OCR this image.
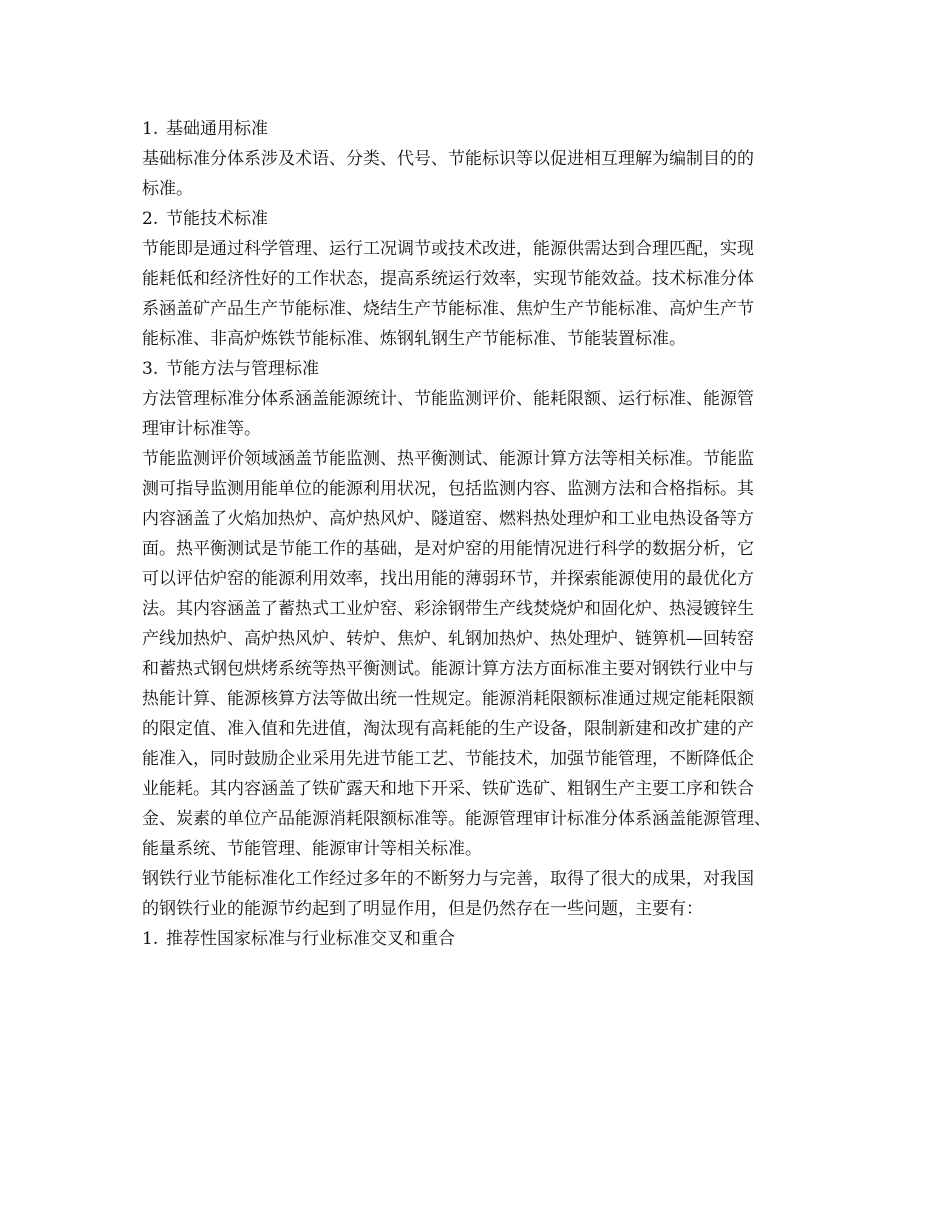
1. 基础通用标准
基础标准分体系涉及术语、分类、代号、节能标识等以促进相互理解为编制目的的
标准。
2. 节能技术标准
节能即是通过科学管理、运行工况调节或技术改进，能源供需达到合理匹配，实现
能耗低和经济性好的工作状态，提高系统运行效率，实现节能效益。技术标准分体
系涵盖矿产品生产节能标准、烧结生产节能标准、焦炉生产节能标准、高炉生产节
能标准、非高炉炼铁节能标准、炼钢轧钢生产节能标准、节能装置标准。
3. 节能方法与管理标准
方法管理标准分体系涵盖能源统计、节能监测评价、能耗限额、运行标准、能源管
理审计标准等。
节能监测评价领域涵盖节能监测、热平衡测试、能源计算方法等相关标准。节能监
测可指导监测用能单位的能源利用状况，包括监测内容、监测方法和合格指标。其
内容涵盖了火焰加热炉、高炉热风炉、隧道窑、燃料热处理炉和工业电热设备等方
面。热平衡测试是节能工作的基础，是对炉窑的用能情况进行科学的数据分析，它
可以评估炉窑的能源利用效率，找出用能的薄弱环节，并探索能源使用的最优化方
法。其内容涵盖了蓄热式工业炉窑、彩涂钢带生产线焚烧炉和固化炉、热浸镀锌生
产线加热炉、高炉热风炉、转炉、焦炉、轧钢加热炉、热处理炉、链箅机—回转窑
和蓄热式钢包烘烤系统等热平衡测试。能源计算方法方面标准主要对钢铁行业中与
热能计算、能源核算方法等做出统一性规定。能源消耗限额标准通过规定能耗限额
的限定值、准入值和先进值，淘汰现有高耗能的生产设备，限制新建和改扩建的产
能准入，同时鼓励企业采用先进节能工艺、节能技术，加强节能管理，不断降低企
业能耗。其内容涵盖了铁矿露天和地下开采、铁矿选矿、粗钢生产主要工序和铁合
金、炭素的单位产品能源消耗限额标准等。能源管理审计标准分体系涵盖能源管理、
能量系统、节能管理、能源审计等相关标准。
钢铁行业节能标准化工作经过多年的不断努力与完善，取得了很大的成果，对我国
的钢铁行业的能源节约起到了明显作用，但是仍然存在一些问题，主要有：
1. 推荐性国家标准与行业标准交叉和重合
